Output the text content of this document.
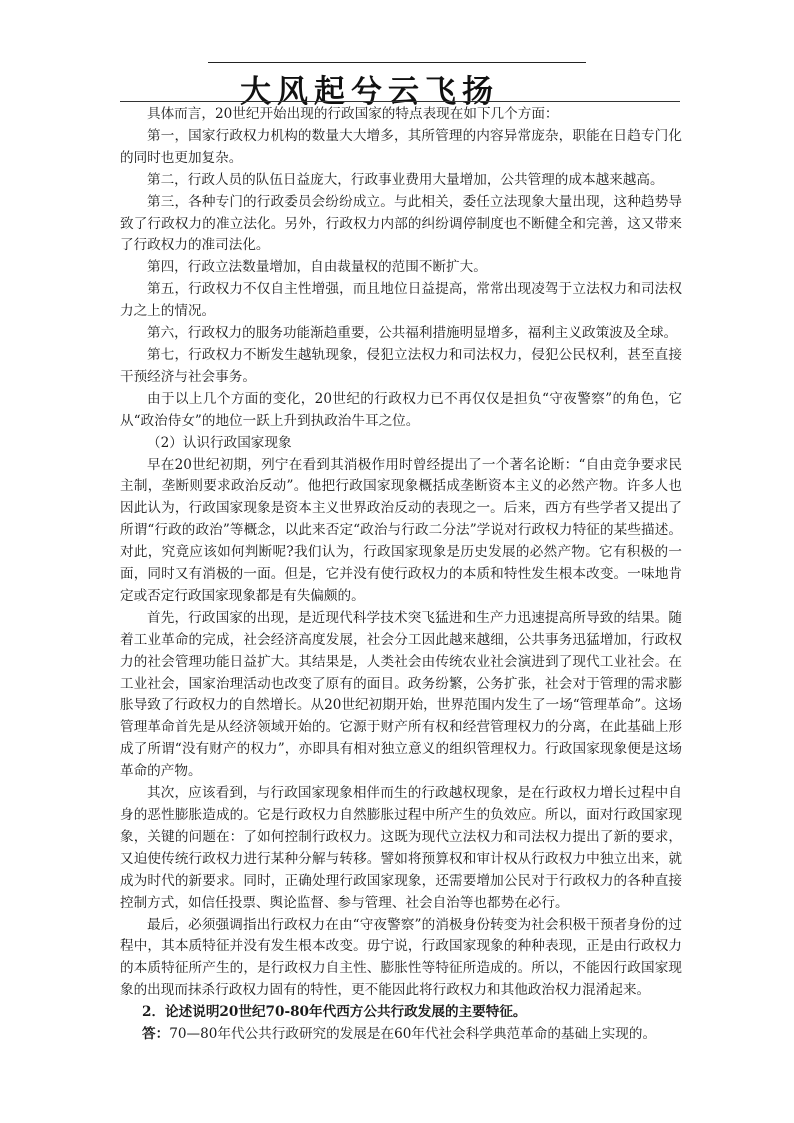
大风起兮云飞扬

具体而言，20世纪开始出现的行政国家的特点表现在如下几个方面：

第一，国家行政权力机构的数量大大增多，其所管理的内容异常庞杂，职能在日趋专门化的同时也更加复杂。

第二，行政人员的队伍日益庞大，行政事业费用大量增加，公共管理的成本越来越高。

第三，各种专门的行政委员会纷纷成立。与此相关，委任立法现象大量出现，这种趋势导致了行政权力的准立法化。另外，行政权力内部的纠纷调停制度也不断健全和完善，这又带来了行政权力的准司法化。

第四，行政立法数量增加，自由裁量权的范围不断扩大。

第五，行政权力不仅自主性增强，而且地位日益提高，常常出现凌驾于立法权力和司法权力之上的情况。

第六，行政权力的服务功能渐趋重要，公共福利措施明显增多，福利主义政策波及全球。

第七，行政权力不断发生越轨现象，侵犯立法权力和司法权力，侵犯公民权利，甚至直接干预经济与社会事务。

由于以上几个方面的变化，20世纪的行政权力已不再仅仅是担负“守夜警察”的角色，它从“政治侍女”的地位一跃上升到执政治牛耳之位。

（2）认识行政国家现象

早在20世纪初期，列宁在看到其消极作用时曾经提出了一个著名论断：“自由竞争要求民主制，垄断则要求政治反动”。他把行政国家现象概括成垄断资本主义的必然产物。许多人也因此认为，行政国家现象是资本主义世界政治反动的表现之一。后来，西方有些学者又提出了所谓“行政的政治”等概念，以此来否定“政治与行政二分法”学说对行政权力特征的某些描述。对此，究竟应该如何判断呢?我们认为，行政国家现象是历史发展的必然产物。它有积极的一面，同时又有消极的一面。但是，它并没有使行政权力的本质和特性发生根本改变。一味地肯定或否定行政国家现象都是有失偏颇的。

首先，行政国家的出现，是近现代科学技术突飞猛进和生产力迅速提高所导致的结果。随着工业革命的完成，社会经济高度发展，社会分工因此越来越细，公共事务迅猛增加，行政权力的社会管理功能日益扩大。其结果是，人类社会由传统农业社会演进到了现代工业社会。在工业社会，国家治理活动也改变了原有的面目。政务纷繁，公务扩张，社会对于管理的需求膨胀导致了行政权力的自然增长。从20世纪初期开始，世界范围内发生了一场“管理革命”。这场管理革命首先是从经济领域开始的。它源于财产所有权和经营管理权力的分离，在此基础上形成了所谓“没有财产的权力”，亦即具有相对独立意义的组织管理权力。行政国家现象便是这场革命的产物。

其次，应该看到，与行政国家现象相伴而生的行政越权现象，是在行政权力增长过程中自身的恶性膨胀造成的。它是行政权力自然膨胀过程中所产生的负效应。所以，面对行政国家现象，关键的问题在：了如何控制行政权力。这既为现代立法权力和司法权力提出了新的要求，又迫使传统行政权力进行某种分解与转移。譬如将预算权和审计权从行政权力中独立出来，就成为时代的新要求。同时，正确处理行政国家现象，还需要增加公民对于行政权力的各种直接控制方式，如信任投票、舆论监督、参与管理、社会自治等也都势在必行。

最后，必须强调指出行政权力在由“守夜警察”的消极身份转变为社会积极干预者身份的过程中，其本质特征并没有发生根本改变。毋宁说，行政国家现象的种种表现，正是由行政权力的本质特征所产生的，是行政权力自主性、膨胀性等特征所造成的。所以，不能因行政国家现象的出现而抹杀行政权力固有的特性，更不能因此将行政权力和其他政治权力混淆起来。

2．论述说明20世纪70-80年代西方公共行政发展的主要特征。

答：70—80年代公共行政研究的发展是在60年代社会科学典范革命的基础上实现的。
